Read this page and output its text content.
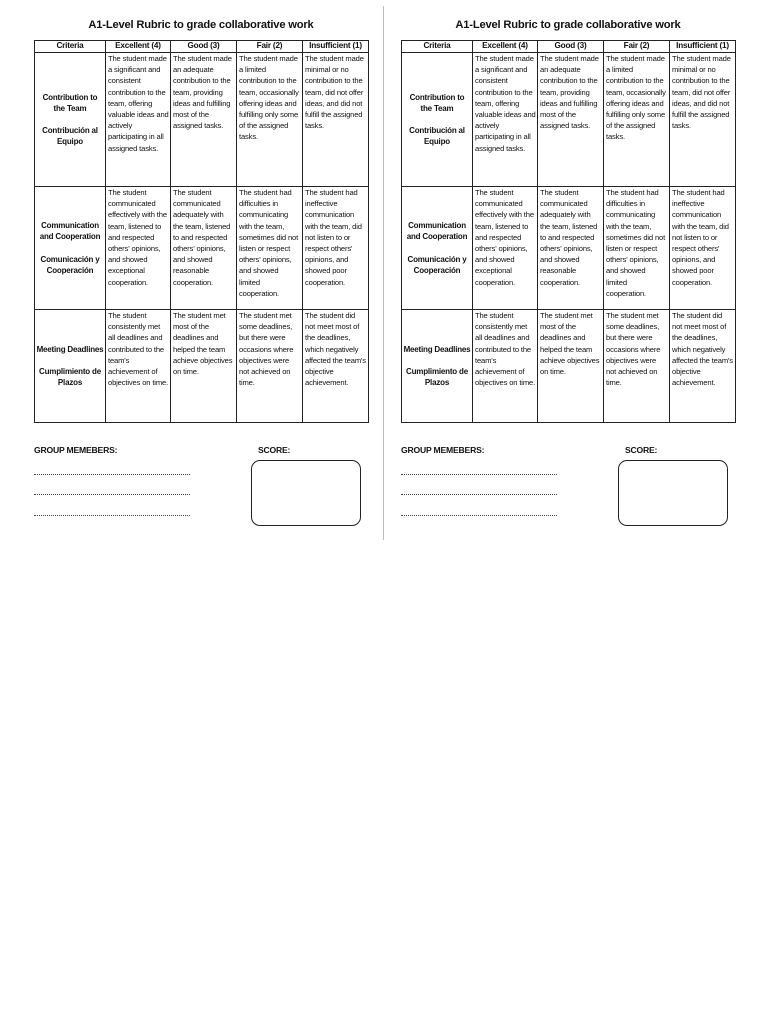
A1-Level Rubric to grade collaborative work
Criteria	Excellent (4)	Good (3)	Fair (2)	Insufficient (1)

Contribution to the Team
Contribución al Equipo	The student made a significant and consistent contribution to the team, offering valuable ideas and actively participating in all assigned tasks.	The student made an adequate contribution to the team, providing ideas and fulfilling most of the assigned tasks.	The student made a limited contribution to the team, occasionally offering ideas and fulfilling only some of the assigned tasks.	The student made minimal or no contribution to the team, did not offer ideas, and did not fulfill the assigned tasks.

Communication and Cooperation
Comunicación y Cooperación	The student communicated effectively with the team, listened to and respected others' opinions, and showed exceptional cooperation.	The student communicated adequately with the team, listened to and respected others' opinions, and showed reasonable cooperation.	The student had difficulties in communicating with the team, sometimes did not listen or respect others' opinions, and showed limited cooperation.	The student had ineffective communication with the team, did not listen to or respect others' opinions, and showed poor cooperation.

Meeting Deadlines
Cumplimiento de Plazos	The student consistently met all deadlines and contributed to the team's achievement of objectives on time.	The student met most of the deadlines and helped the team achieve objectives on time.	The student met some deadlines, but there were occasions where objectives were not achieved on time.	The student did not meet most of the deadlines, which negatively affected the team's objective achievement.
GROUP MEMEBERS:	SCORE:
A1-Level Rubric to grade collaborative work
Criteria	Excellent (4)	Good (3)	Fair (2)	Insufficient (1)

Contribution to the Team
Contribución al Equipo	The student made a significant and consistent contribution to the team, offering valuable ideas and actively participating in all assigned tasks.	The student made an adequate contribution to the team, providing ideas and fulfilling most of the assigned tasks.	The student made a limited contribution to the team, occasionally offering ideas and fulfilling only some of the assigned tasks.	The student made minimal or no contribution to the team, did not offer ideas, and did not fulfill the assigned tasks.

Communication and Cooperation
Comunicación y Cooperación	The student communicated effectively with the team, listened to and respected others' opinions, and showed exceptional cooperation.	The student communicated adequately with the team, listened to and respected others' opinions, and showed reasonable cooperation.	The student had difficulties in communicating with the team, sometimes did not listen or respect others' opinions, and showed limited cooperation.	The student had ineffective communication with the team, did not listen to or respect others' opinions, and showed poor cooperation.

Meeting Deadlines
Cumplimiento de Plazos	The student consistently met all deadlines and contributed to the team's achievement of objectives on time.	The student met most of the deadlines and helped the team achieve objectives on time.	The student met some deadlines, but there were occasions where objectives were not achieved on time.	The student did not meet most of the deadlines, which negatively affected the team's objective achievement.
GROUP MEMEBERS:	SCORE:
